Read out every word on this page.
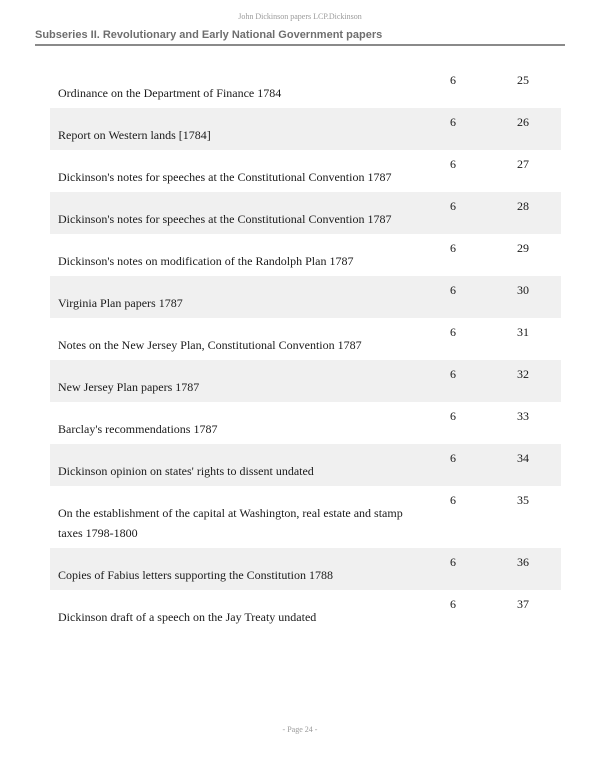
John Dickinson papers LCP.Dickinson
Subseries II. Revolutionary and Early National Government papers
Ordinance on the Department of Finance 1784
6	25
Report on Western lands [1784]
6	26
Dickinson's notes for speeches at the Constitutional Convention 1787
6	27
Dickinson's notes for speeches at the Constitutional Convention 1787
6	28
Dickinson's notes on modification of the Randolph Plan 1787
6	29
Virginia Plan papers 1787
6	30
Notes on the New Jersey Plan, Constitutional Convention 1787
6	31
New Jersey Plan papers 1787
6	32
Barclay's recommendations 1787
6	33
Dickinson opinion on states' rights to dissent undated
6	34
On the establishment of the capital at Washington, real estate and stamp taxes 1798-1800
6	35
Copies of Fabius letters supporting the Constitution 1788
6	36
Dickinson draft of a speech on the Jay Treaty undated
6	37
- Page 24 -
